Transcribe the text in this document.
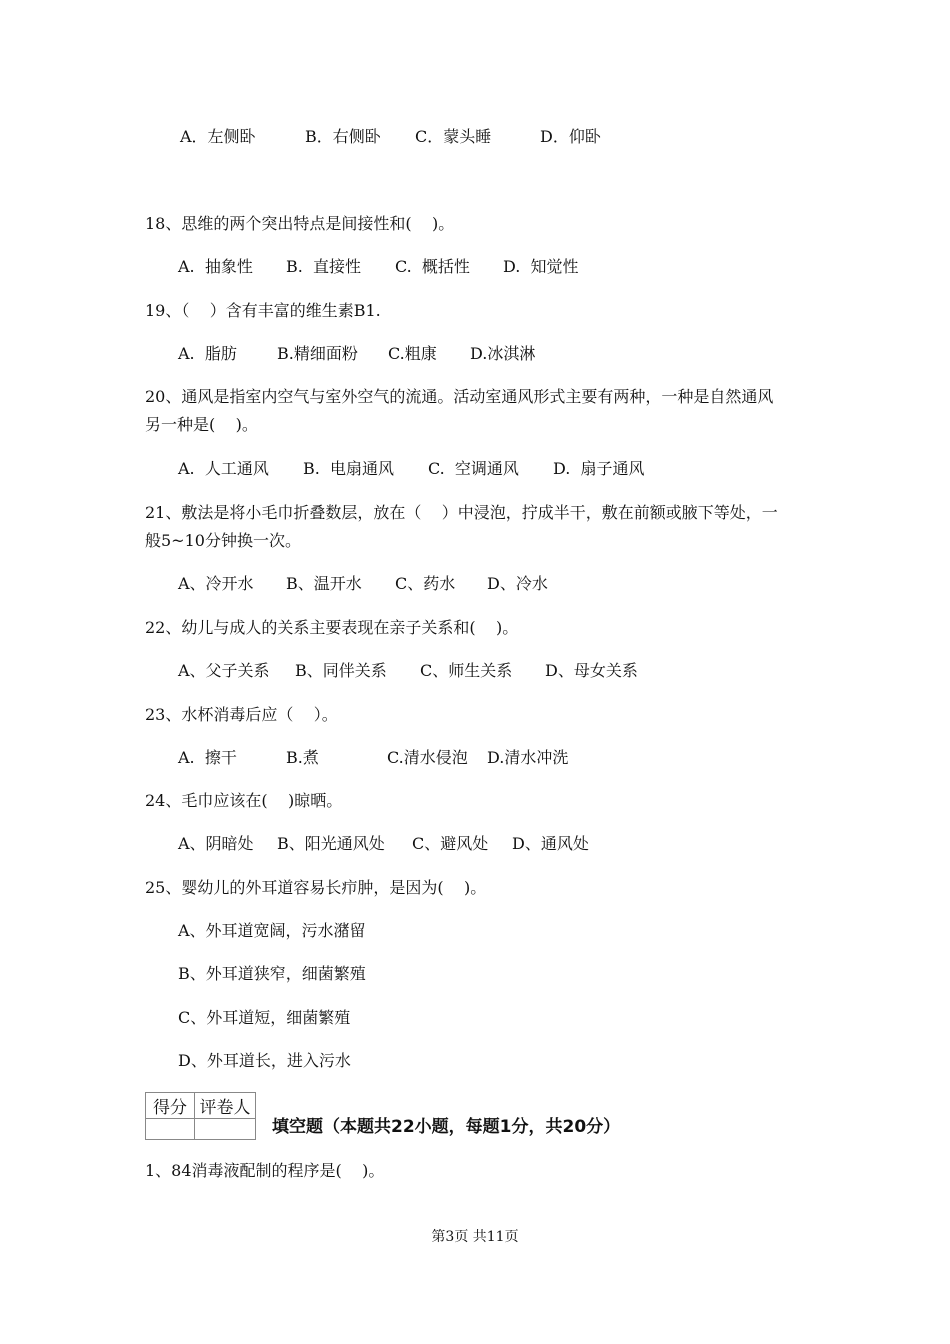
A．左侧卧	B．右侧卧 C．蒙头睡	D．仰卧
18、思维的两个突出特点是间接性和(    )。
A.  抽象性 B.  直接性 C.  概括性 D.  知觉性
19、（    ）含有丰富的维生素B1.
A.  脂肪	B.精细面粉 C.粗康 D.冰淇淋
20、通风是指室内空气与室外空气的流通。活动室通风形式主要有两种，一种是自然通风
另一种是(    )。
A.  人工通风 B.  电扇通风 C.  空调通风 D.  扇子通风
21、敷法是将小毛巾折叠数层，放在（    ）中浸泡，拧成半干，敷在前额或腋下等处，一
般5~10分钟换一次。
A、冷开水 B、温开水 C、药水 D、冷水
22、幼儿与成人的关系主要表现在亲子关系和(    )。
A、父子关系 B、同伴关系 C、师生关系 D、母女关系
23、水杯消毒后应（    ）。
A.  擦干	B.煮	C.清水侵泡 D.清水冲洗
24、毛巾应该在(    )晾晒。
A、阴暗处 B、阳光通风处 C、避风处 D、通风处
25、婴幼儿的外耳道容易长疖肿，是因为(    )。
A、外耳道宽阔，污水潴留
B、外耳道狭窄，细菌繁殖
C、外耳道短，细菌繁殖
D、外耳道长，进入污水
得分	评卷人

填空题（本题共22小题，每题1分，共20分）
1、84消毒液配制的程序是(    )。
第3页 共11页
